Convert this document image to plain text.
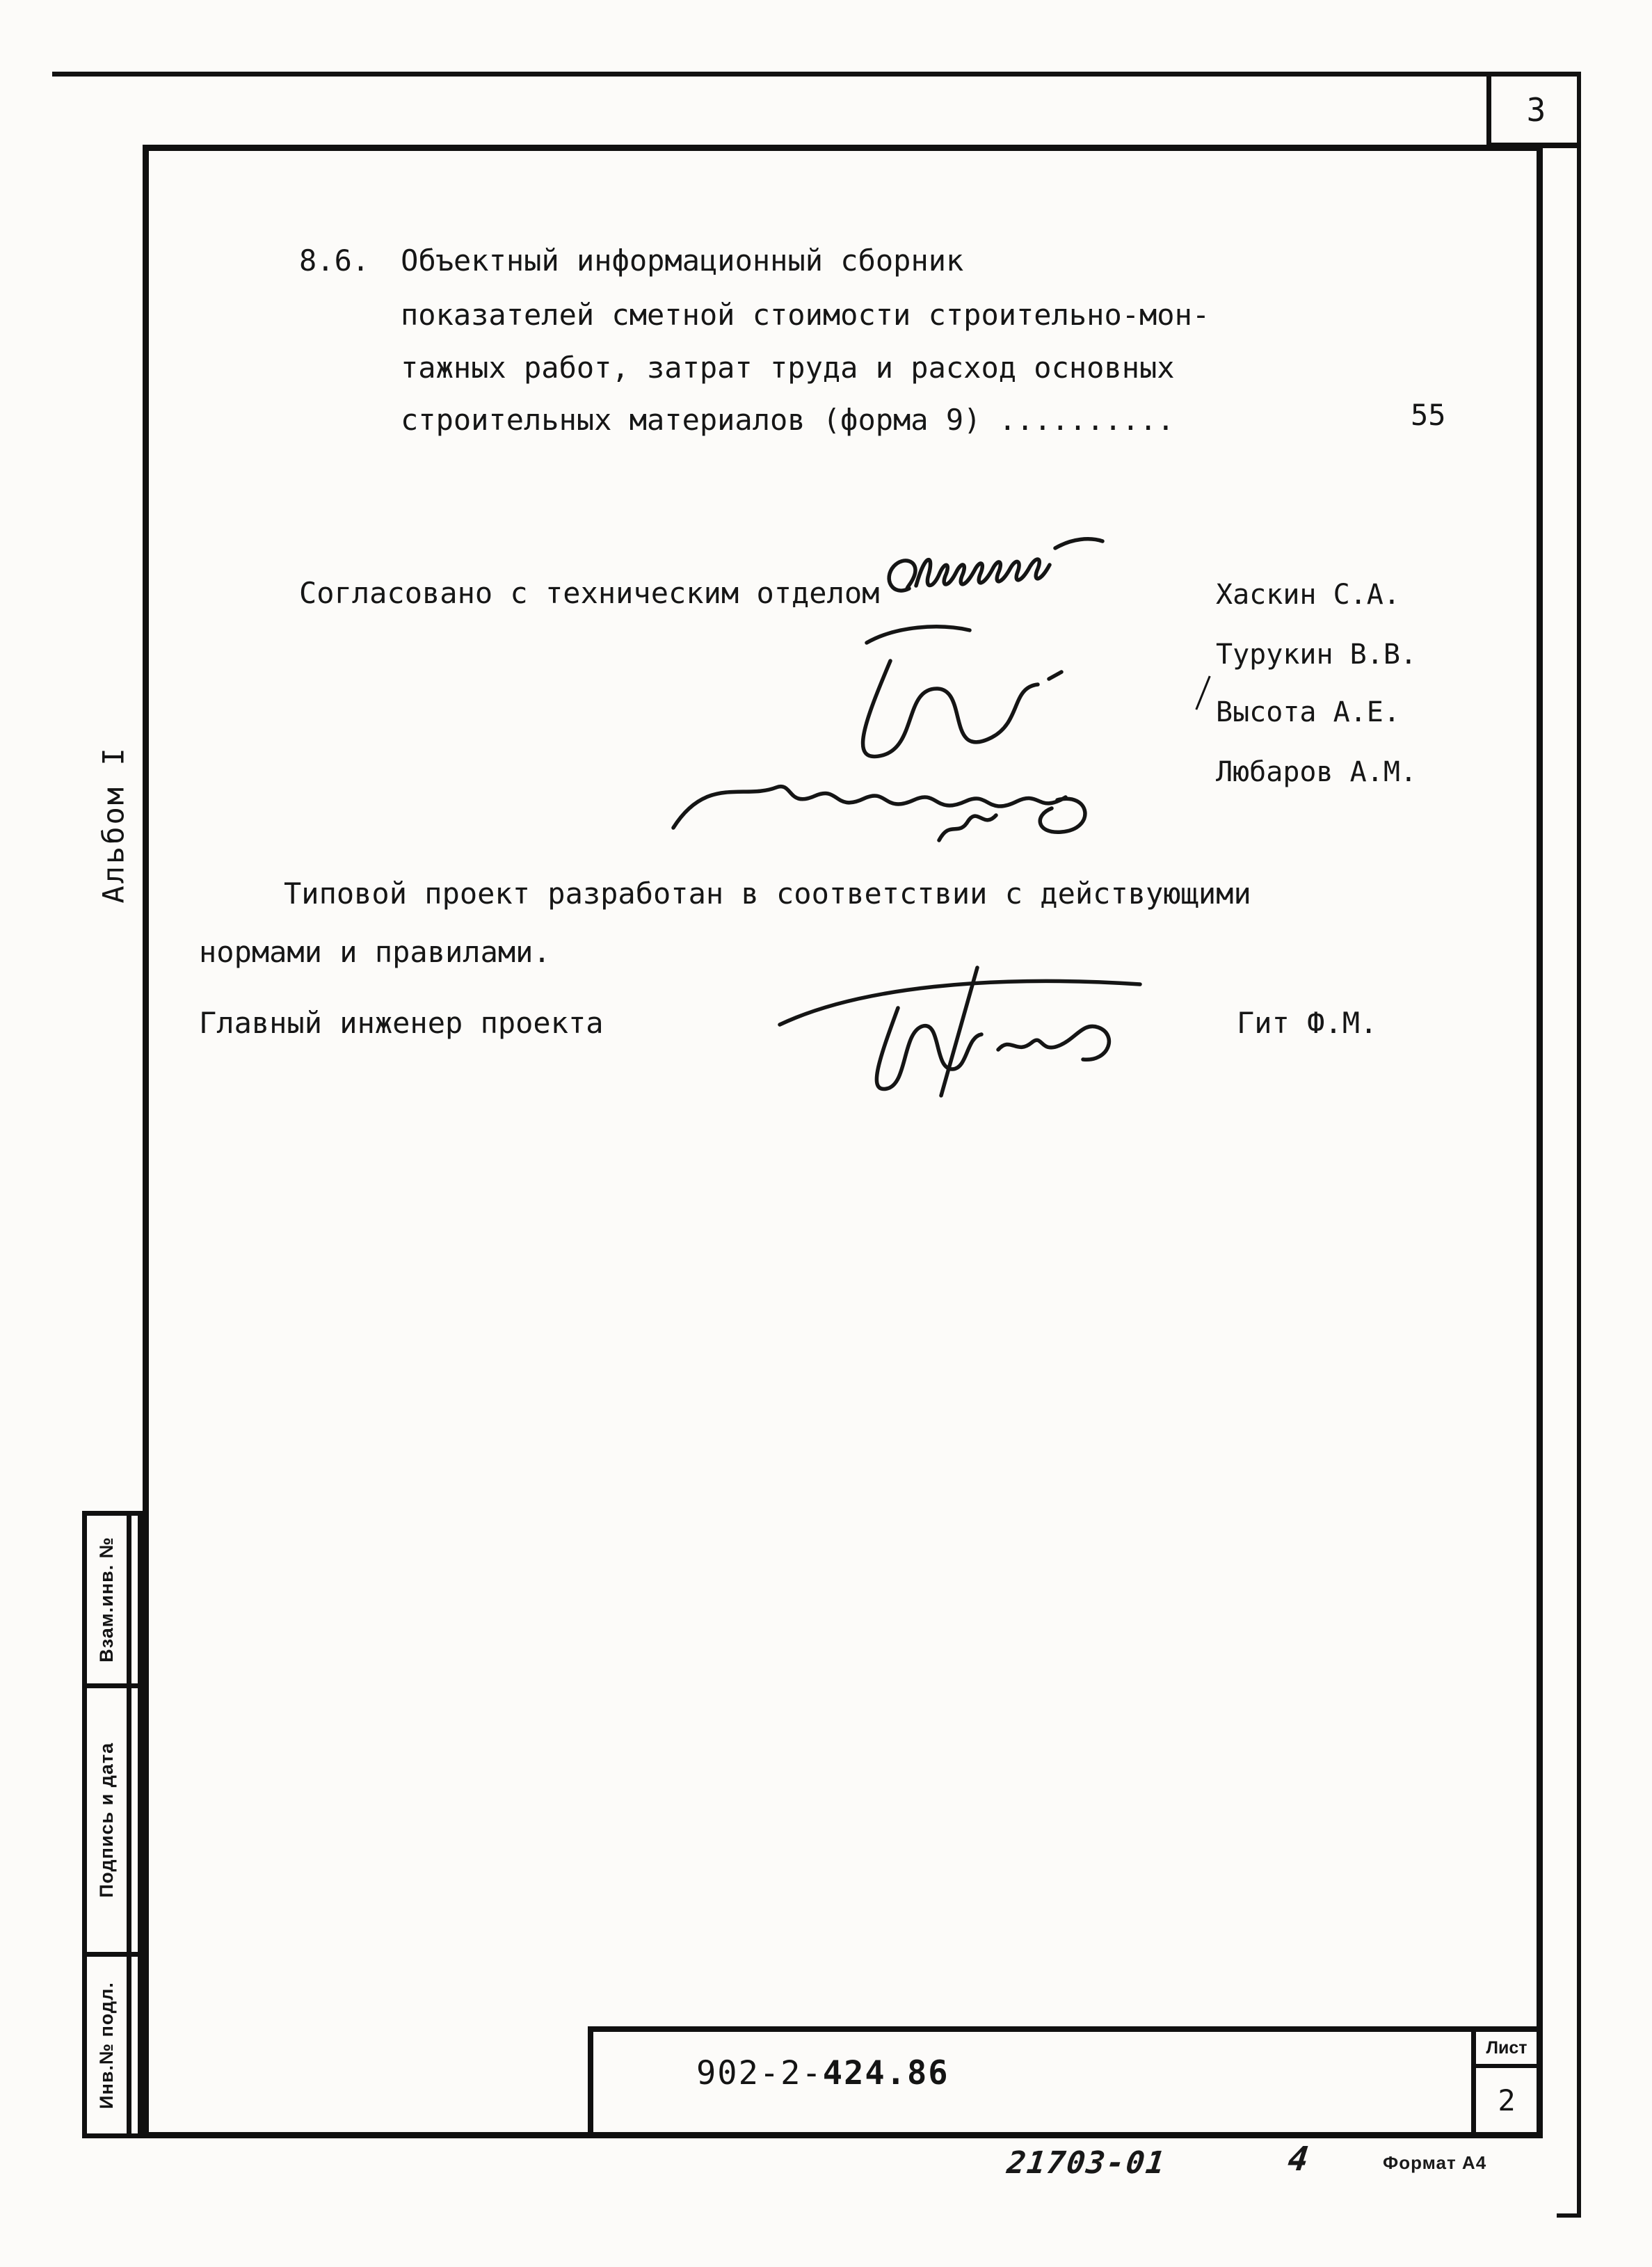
3
Альбом I
8.6. Объектный информационный сборник
показателей сметной стоимости строительно-мон-
тажных работ, затрат труда и расход основных
строительных материалов (форма 9) ..........	55
Согласовано с техническим отделом	Хаскин С.А.
Турукин В.В.
Высота А.Е.
Любаров А.М.
Типовой проект разработан в соответствии с действующими
нормами и правилами.
Главный инженер проекта	Гит Ф.М.
Взам.инв. №
Подпись и дата
Инв.№ подл.	902-2-424.86
Лист
2
21703-01	4	Формат А4
